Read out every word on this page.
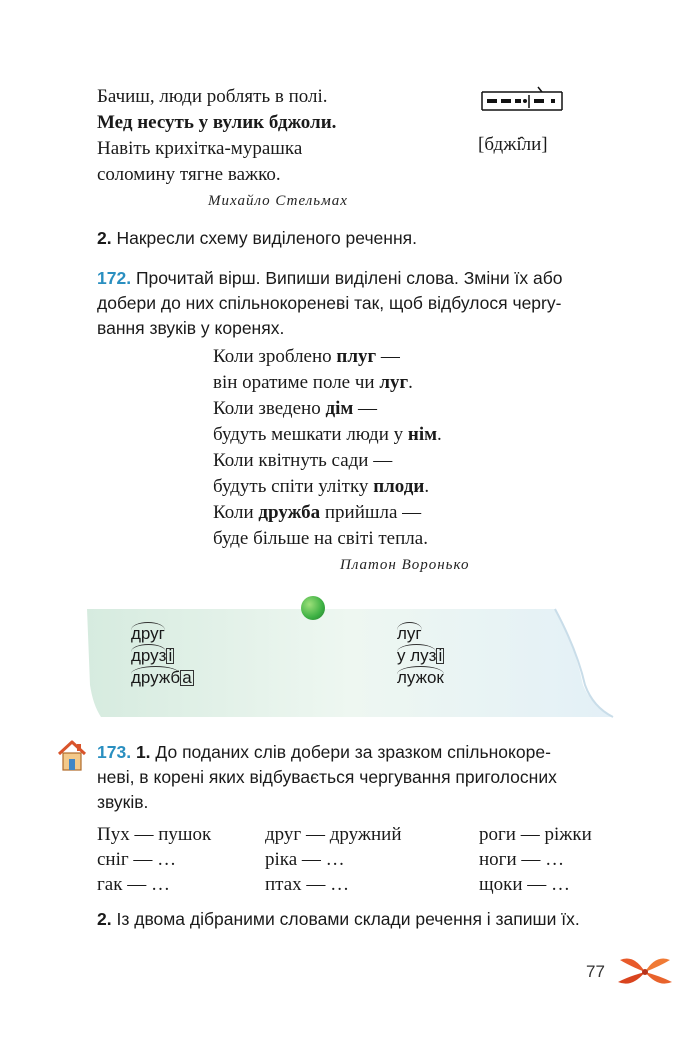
Бачиш, люди роблять в полі.
Мед несуть у вулик бджоли.
Навіть крихітка-мурашка
соломину тягне важко.
Михайло Стельмах
[бджі̂ли]
2. Накресли схему виділеного речення.
172. Прочитай вірш. Випиши виділені слова. Зміни їх або
добери до них спільнокореневі так, щоб відбулося черry-
вання звуків у коренях.
Коли зроблено плуг —
він оратиме поле чи луг.
Коли зведено дім —
будуть мешкати люди у нім.
Коли квітнуть сади —
будуть спіти улітку плоди.
Коли дружба прийшла —
буде більше на світі тепла.
Платон Воронько
друг
друз і
дружб а
луг
у луз і
лужок
173. 1. До поданих слів добери за зразком спільнокоре-
неві, в корені яких відбувається чергування приголосних
звуків.
Пух — пушок	друг — дружний	роги — ріжки
сніг — …	ріка — …	ноги — …
гак — …	птах — …	щоки — …
2. Із двома дібраними словами склади речення і запиши їх.
77
